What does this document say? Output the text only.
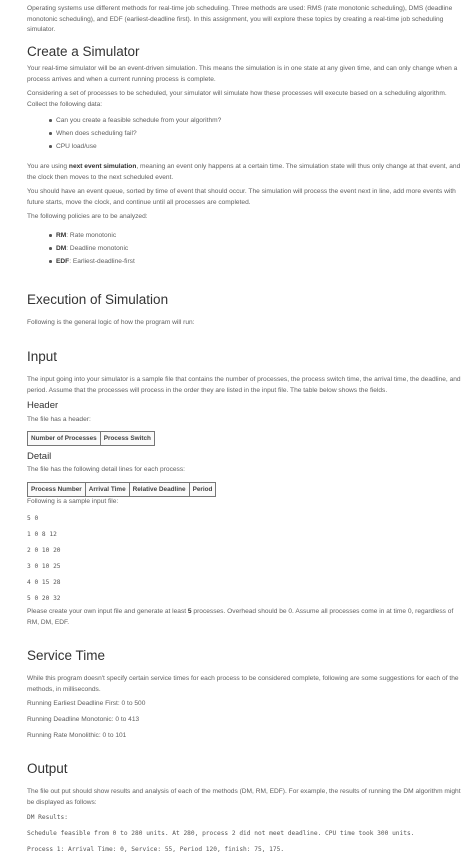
Operating systems use different methods for real-time job scheduling. Three methods are used: RMS (rate monotonic scheduling), DMS (deadline monotonic scheduling), and EDF (earliest-deadline first). In this assignment, you will explore these topics by creating a real-time job scheduling simulator.

Create a Simulator

Your real-time simulator will be an event-driven simulation. This means the simulation is in one state at any given time, and can only change when a process arrives and when a current running process is complete.

Considering a set of processes to be scheduled, your simulator will simulate how these processes will execute based on a scheduling algorithm. Collect the following data:

Can you create a feasible schedule from your algorithm?
When does scheduling fail?
CPU load/use

You are using next event simulation, meaning an event only happens at a certain time. The simulation state will thus only change at that event, and the clock then moves to the next scheduled event.

You should have an event queue, sorted by time of event that should occur. The simulation will process the event next in line, add more events with future starts, move the clock, and continue until all processes are completed.

The following policies are to be analyzed:

RM: Rate monotonic
DM: Deadline monotonic
EDF: Earliest-deadline-first
Execution of Simulation

Following is the general logic of how the program will run:

Input

The input going into your simulator is a sample file that contains the number of processes, the process switch time, the arrival time, the deadline, and period. Assume that the processes will process in the order they are listed in the input file. The table below shows the fields.

Header

The file has a header:

Number of Processes	Process Switch
Detail

The file has the following detail lines for each process:

Process Number	Arrival Time	Relative Deadline	Period

Following is a sample input file:

5 0
1 0 8 12
2 0 10 20
3 0 10 25
4 0 15 28
5 0 20 32

Please create your own input file and generate at least 5 processes. Overhead should be 0. Assume all processes come in at time 0, regardless of RM, DM, EDF.

Service Time

While this program doesn't specify certain service times for each process to be considered complete, following are some suggestions for each of the methods, in milliseconds.

Running Earliest Deadline First: 0 to 500

Running Deadline Monotonic: 0 to 413

Running Rate Monolithic: 0 to 101

Output

The file out put should show results and analysis of each of the methods (DM, RM, EDF). For example, the results of running the DM algorithm might be displayed as follows:

DM Results:
Schedule feasible from 0 to 280 units. At 280, process 2 did not meet deadline. CPU time took 300 units.
Process 1: Arrival Time: 0, Service: 55, Period 120, finish: 75, 175.
